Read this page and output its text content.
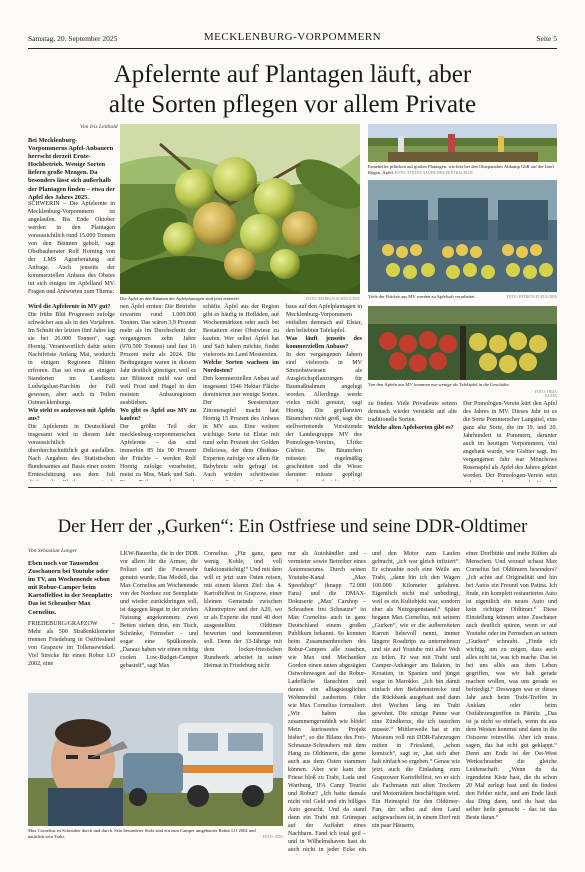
Samstag, 20. September 2025	MECKLENBURG-VORPOMMERN	Seite 5
Apfelernte auf Plantagen läuft, aber
alte Sorten pflegen vor allem Private
Von Iris Leithold
Bei Mecklenburg-Vorpommerns Apfel-Anbauern herrscht derzeit Ernte-Hochbetrieb. Wenige Sorten liefern große Mengen. Da besonders lässt sich außerhalb der Plantagen finden – etwa der Apfel des Jahres 2025.

SCHWERIN – Die Apfelernte in Mecklenburg-Vorpommern ist angelaufen. Bis Ende Oktober werden in den Plantagen voraussichtlich rund 15.000 Tonnen von den Bäumen geholt, sagt Obstbauberater Rolf Horning von der LMS Agrarberatung auf Anfrage. Auch jenseits der kommerziellen Anbaus des Obstes tut sich einiges im Apfelland MV. Fragen und Antworten zum Thema:

Die Äpfel an den Bäumen der Apfelplantagen sind jetzt erntereif.	FOTO: MARKUS SCHOLZ/DPA
Erntehelfer pflücken auf großen Plantagen, wie hier bei den Obstparadies Altkamp GbR auf der Insel Rügen, Äpfel. FOTO: STEFAN SAUER/DPA/ZENTRALBILD
Viele der Früchte aus MV werden zu Apfelsaft verarbeitet.	FOTO: PATRICK PLEUL/DPA

Wird die Apfelernte in MV gut?

Die frühe Blüt Prognosen zufolge schwächer aus als in den Vorjahren. Im Schnitt der letzten fünf Jahre lag sie bei 26.000 Tonnen", sagt Hornig. Verantwortlich dafür seien Nachtfröste Anfang Mai, wodurch in einigen Regionen Blüten erfroren. Das sei etwa an einigen Standorten im Landkreis Ludwigslust-Parchim der Fall gewesen, aber auch in Teilen Ostmecklenburgs.

Wie steht es anderswo mit Äpfeln aus?

Die Apfelernte in Deutschland insgesamt wird in diesem Jahr voraussichtlich überdurchschnittlich gut ausfallen. Nach Angaben des Statistischen Bundesamtes auf Basis einer ersten Ernteschätzung aus dem Juli

nen Äpfel ernten: Die Betriebe erwarten rund 1.009.000 Tonnen. Das wären 3,9 Prozent mehr als im Durchschnitt der vergangenen zehn Jahre (970.500 Tonnen) und fast 16 Prozent mehr als 2024. Die Bedingungen waren in diesem Jahr deutlich günstiger, weil es zur Blütezeit mild war und weil Frost und Hagel in den meisten Anbauregionen ausblieben.

Wo gibt es Äpfel aus MV zu kaufen?

Der größte Teil der mecklenburg-vorpommerschen Apfelernte – das sind immerhin 85 bis 90 Prozent der Früchte – werden Rolf Hornig zufolge verarbeitet, meist zu Mus, Mark und Saft.

schäfte. Äpfel aus der Region gibt es häufig in Hofläden, auf Wochenmärkten oder auch bei Bestattern einer Obstwiese zu kaufen. Wer selbst Äpfel hat und Saft haben möchte, findet vielerorts im Land Mostereien.

Welche Sorten wachsen im Nordosten?

Den kommerziellen Anbau auf insgesamt 1546 Hektar Fläche dominieren nur wenige Sorten. Der Seesternitzer Zitronenapfel macht laut Hornig 15 Prozent des Anbaus in MV aus. Eine weitere wichtige Sorte ist Elstar mit rund zehn Prozent der Golden Delicious, der dem Obstbau-Experten zufolge vor allem für Babybreie sehr gefragt ist. Auch würden schrittweise

baus auf den Apfelplantagen in Mecklenburg-Vorpommern entfallen demnach auf Elstar, den beliebten Tafelapfel.

Was läuft jenseits des kommerziellen Anbaus?

In den vergangenen Jahren sind vielerorts in MV Streuobstwiesen als Ausgleichspflanzungen für Baumaßnahmen angelegt worden. Allerdings werde vieles nicht genutzt, sagt Hornig. Die gepflanzten Bäumchen nicht groß, sagt die stellvertretende Vorsitzende der Landesgruppe MV des Pomologen-Vereins, Ulrike Gisbier. Die Bäumchen müssten regelmäßig geschnitten und die Wiese darunter müsste gepflegt

Von den Äpfeln aus MV kommen nur wenige als Tafeläpfel in die Geschäfte.
FOTO: INDA KLEIN

zu finden. Viele Privatleute setzen demnach wieder verstärkt auf alte traditionelle Sorten.

Welche alten Apfelsorten gibt es?

Der Pomologen-Verein kürt den Apfel des Jahres in MV. Dieses Jahr ist es die Sorte Pommerscher Langstiel, eine ganz alte Sorte, die im 19. und 20. Jahrhundert in Pommern, darunter auch im heutigen Vorpommern, viel angebaut wurde, wie Gisbier sagt. Im vergangenen Jahr war Mönchows Rosenapfel als Apfel des Jahres gekürt worden. Der Pomologen-Verein setzt

Der Herr der „Gurken“: Ein Ostfriese und seine DDR-Oldtimer
Von Sebastian Langer
Eben noch vor Tausenden Zuschauern bei Youtube oder im TV, am Wochenende schon mit Robur-Camper beim Kartoffelfest in der Seenplatte: Das ist Schrauber Max Cornelius.

FRIEDEBURG/GRAPZOW – Mehr als 500 Straßenkilometer trennen Friedeburg in Ostfriesland von Grapzow im Tollensewinkel. Viel Strecke für einen Robur LO 2002, eine

LKW-Baureihe, die in der DDR vor allem für die Armee, die Polizei und die Feuerwehr genutzt wurde. Das Modell, das Max Cornelius am Wochenende von der Nordsee zur Seenplatte und wieder zurückbringen soll, ist dagegen längst in der zivilen Nutzung angekommen: zwei Betten stehen drin, ein Tisch, Schränke, Fernseher – und sogar eine Spülkonsole. „Daraus haben wir einen richtig coolen Low-Budget-Camper gebastelt“, sagt Max

Cornelius. „Für ganz, ganz wenig Kohle, und voll funktionstüchtig!“ Und mit dem will er jetzt zum Osten reisen, mit einem klaren Ziel: das 4. Kartoffelfest in Grapzow, einer kleinen Gemeinde zwischen Altentreptow und der A20, wo er als Experte die rund 40 dort ausgestellten Oldtimer bewerten und kommentieren soll. Denn der 33-Jährige mit dem locker-friesischen Rundwerk arbeitet in seiner Heimat in Friedeburg nicht

nur als Autohändler und -vermieter sowie Betreiber eines Automuseums. Durch seinen Youtube-Kanal „Max Speedshop“ (knapp 72.000 Fans) und die DMAX-Dokuserie „Max' Carshop – Schrauben frei Schnauze“ ist Max Cornelius auch in ganz Deutschland einem großen Publikum bekannt. So konnten beim Zusammenbrechen des Robur-Campers alle zusehen, wie Max und Mechaniker Gordon einen unten abgesägten Ostwohnwagen auf die Robur-Ladefläche flanschten und daraus ein alltagstaugliches Wohnmobil zauberten. Oder wie Max Cornelius formuliert: „Wir haben das zusammengeruddelt wie blöde! Mein kuriosestes Projekt bisher“, so die Bilanz des Frei-Schnauze-Schraubers mit dem Hang zu Oldtimern, die gerne auch aus dem Osten stammen können. Aber wie kam der Friese bloß zu Trabi, Lada und Wartburg, IFA Camp Tourist und Robur? „Ich hatte damals nicht viel Geld und ein billiges Auto gesucht. Und da stand dann ein Trabi mit Grünspan auf der Auffahrt eines Nachbarn. Fand ich total geil – und in Wilhelmshaven hast du auch nicht in jeder Ecke ein

und den Motor zum Laufen gebracht, „ich war gleich infiziert“. Er schraubte noch eine Weile am Trabi, „dann bin ich den Wagen 100.000 Kilometer gefahren. Eigentlich nicht mal unbedingt, weil es ein Kultobjekt war, sondern eher als Nutzgegenstand.“ Später begann Max Cornelius, mit seinem „Gurken“, wie er die aufbereiteten Karren liebevoll nennt, immer längere Roadtrips zu unternehmen und sie auf Youtube mit aller Welt zu teilen. Er war mit Trabi und Camper-Anhänger am Balaton, in Kroatien, in Spanien und jüngst sogar in Marokko. „Ich bin damit einfach den Befahrenstrecke und die Rückbank ausgebaut und dann drei Wochen lang im Trabi gewohnt. Die einzige Panne war eine Zündkerze, die ich tauschen musste.“ Mittlerweile hat er ein Museum voll mit DDR-Fahrzeugen mitten in Friesland, „schon komisch“, sagt er, „hat sich aber halt einfach so ergeben.“ Genau wie jetzt auch die Einladung zum Grapzower Kartoffelfest, wo er sich als Fachmann mit alten Treckern und Motorrädern beschäftigen wird. Ein Heimspiel für den Oldtimer-Fan, der selbst auf dem Land aufgewachsen ist, in einem Dorf mit ein paar Häusern,

einer Dorfbütte und mehr Kühen als Menschen. Und worauf schaut Max Cornelius bei Oldtimern besonders? „Ich achte auf Originalität und bin bei Autos ein Freund von Patina. Ich finde, ein komplett restauriertes Auto ist eigentlich ein neues Auto und kein richtiger Oldtimer.“ Diese Einstellung können seine Zuschauer auch deutlich spüren, wenn er auf Youtube oder im Fernsehen an seinen „Gurken“ schraubt. „Finde ich wichtig, um zu zeigen, dass auch alles echt ist, was ich mache. Das ist bei uns alles aus dem Leben gegriffen, was wir halt gerade machen wollen, was uns gerade so befriedigt.“ Deswegen war er dieses Jahr auch beim Trabi-Treffen in Anklam oder beim Ostfahrzeugtreffen in Pätnitz. „Das ist ja nicht so einfach, wenn du aus dem Westen kommst und dann in die Ostszene reinwillst. Aber ich muss sagen, das hat echt gut geklappt.“ Denn am Ende ist der Ost-West Werkschrauber die gleiche Leidenschaft: „Wenn du da irgendeine Kiste hast, die du schon 20 Mal zerlegt hast und du findest den Fehler nicht, und am Ende läuft das Ding dann, und du hast das selber heile gemacht – das ist das Beste daran.“

Max Cornelius ist Schrauber durch und durch. Sein besonderer Stolz sind ein zum Camper umgebauter Robur LO 2002 und natürlich sein Trabi.	FOTO: ZDG
